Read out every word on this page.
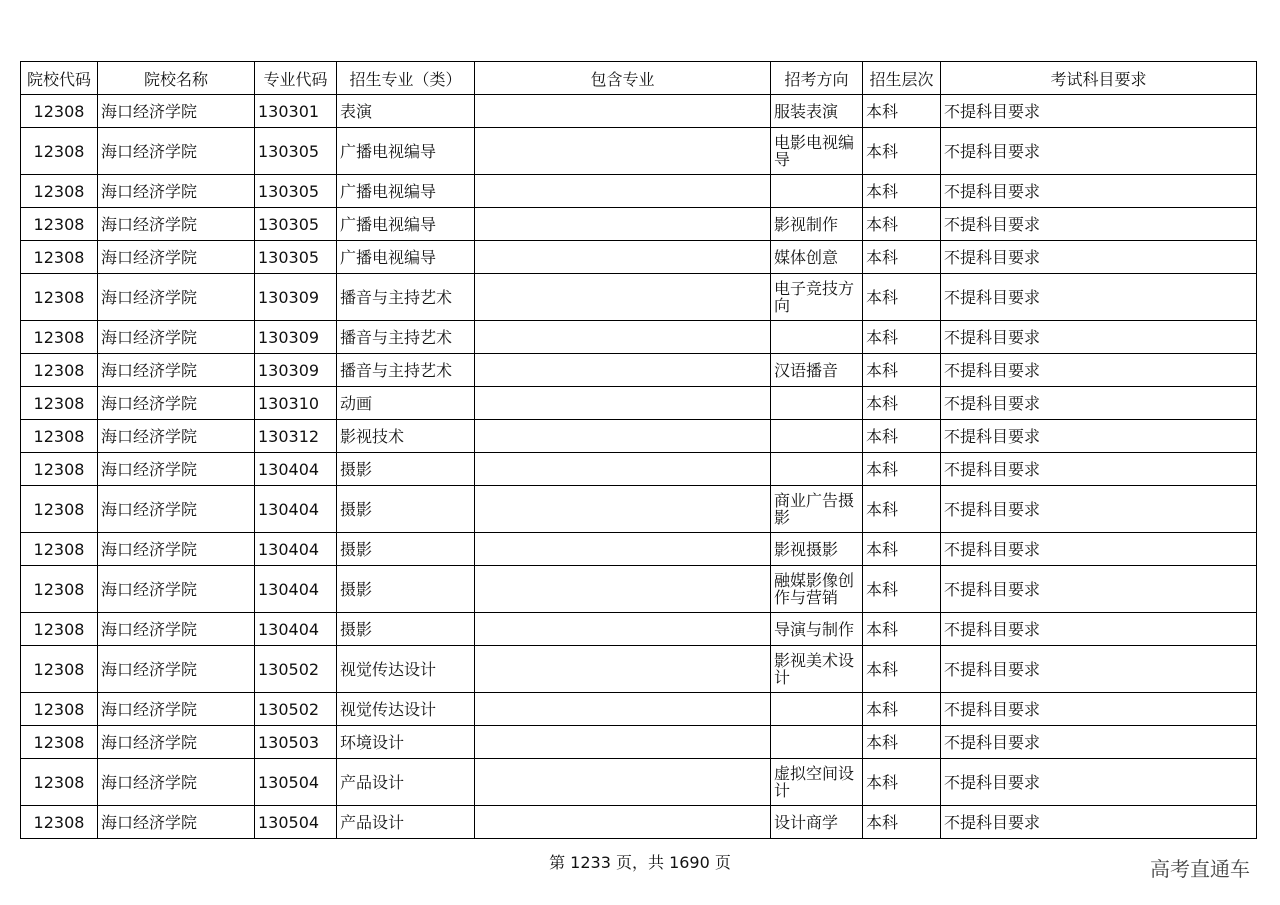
院校代码	院校名称	专业代码	招生专业（类）	包含专业	招考方向	招生层次	考试科目要求
12308	海口经济学院	130301	表演		服装表演	本科	不提科目要求
12308	海口经济学院	130305	广播电视编导		电影电视编导	本科	不提科目要求
12308	海口经济学院	130305	广播电视编导			本科	不提科目要求
12308	海口经济学院	130305	广播电视编导		影视制作	本科	不提科目要求
12308	海口经济学院	130305	广播电视编导		媒体创意	本科	不提科目要求
12308	海口经济学院	130309	播音与主持艺术		电子竞技方向	本科	不提科目要求
12308	海口经济学院	130309	播音与主持艺术			本科	不提科目要求
12308	海口经济学院	130309	播音与主持艺术		汉语播音	本科	不提科目要求
12308	海口经济学院	130310	动画			本科	不提科目要求
12308	海口经济学院	130312	影视技术			本科	不提科目要求
12308	海口经济学院	130404	摄影			本科	不提科目要求
12308	海口经济学院	130404	摄影		商业广告摄影	本科	不提科目要求
12308	海口经济学院	130404	摄影		影视摄影	本科	不提科目要求
12308	海口经济学院	130404	摄影		融媒影像创作与营销	本科	不提科目要求
12308	海口经济学院	130404	摄影		导演与制作	本科	不提科目要求
12308	海口经济学院	130502	视觉传达设计		影视美术设计	本科	不提科目要求
12308	海口经济学院	130502	视觉传达设计			本科	不提科目要求
12308	海口经济学院	130503	环境设计			本科	不提科目要求
12308	海口经济学院	130504	产品设计		虚拟空间设计	本科	不提科目要求
12308	海口经济学院	130504	产品设计		设计商学	本科	不提科目要求
第 1233 页，共 1690 页	高考直通车
